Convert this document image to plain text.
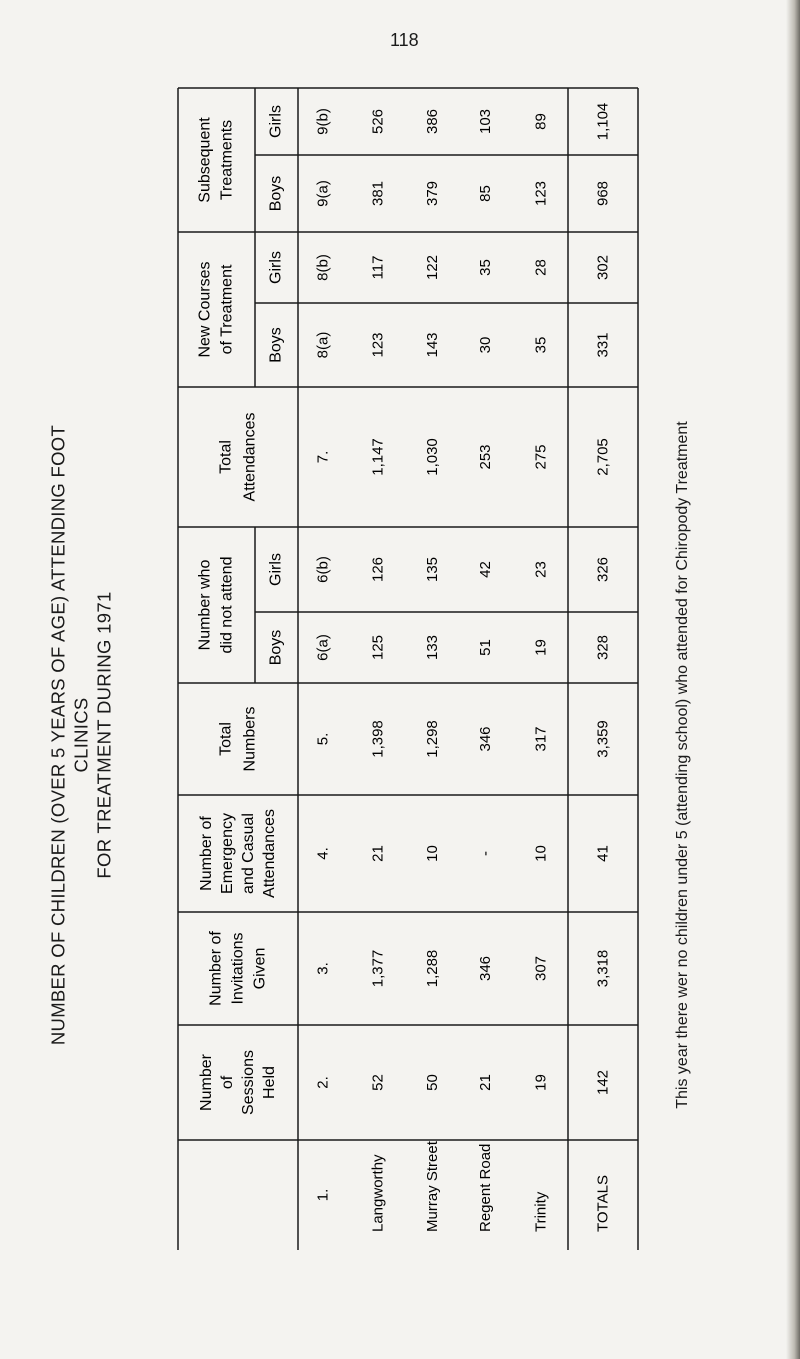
118
NUMBER OF CHILDREN (OVER 5 YEARS OF AGE) ATTENDING FOOT CLINICS FOR TREATMENT DURING 1971	This year there wer no children under 5 (attending school) who attended for Chiropody Treatment
Number of Sessions Held
Number of Invitations Given
Number of Emergency and Casual Attendances
Total Numbers
Number who did not attend Boys
Girls
Total Attendances
New Courses of Treatment Boys
Girls
Subsequent Treatments Boys
Girls
1.
2.
3.
4.
5.
6(a)
6(b)
7.
8(a)
8(b)
9(a)
9(b)
Langworthy
52
1,377
21
1,398
125
126
1,147
123
117
381
526
Murray Street
50
1,288
10
1,298
133
135
1,030
143
122
379
386
Regent Road
21
346
-
346
51
42
253
30
35
85
103
Trinity
19
307
10
317
19
23
275
35
28
123
89
TOTALS
142
3,318
41
3,359
328
326
2,705
331
302
968
1,104
